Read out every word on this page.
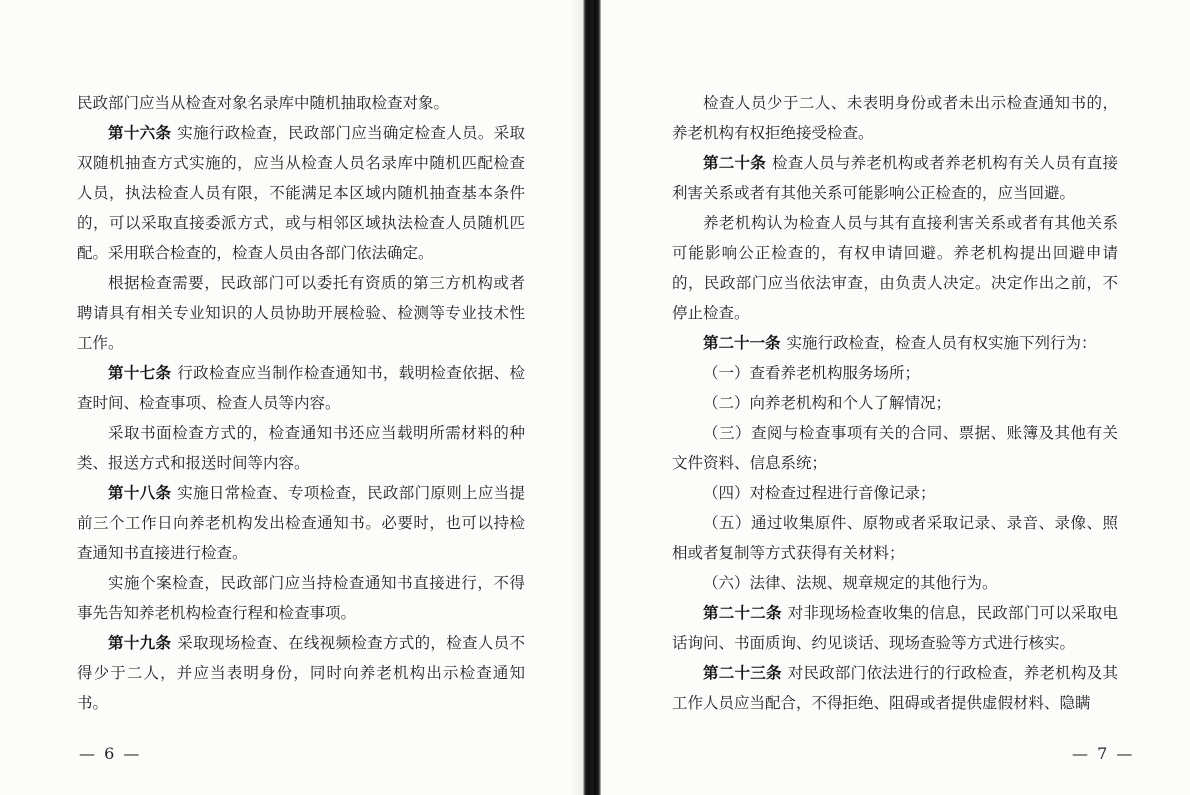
民政部门应当从检查对象名录库中随机抽取检查对象。

第十六条 实施行政检查，民政部门应当确定检查人员。采取双随机抽查方式实施的，应当从检查人员名录库中随机匹配检查人员，执法检查人员有限，不能满足本区域内随机抽查基本条件的，可以采取直接委派方式，或与相邻区域执法检查人员随机匹配。采用联合检查的，检查人员由各部门依法确定。

根据检查需要，民政部门可以委托有资质的第三方机构或者聘请具有相关专业知识的人员协助开展检验、检测等专业技术性工作。

第十七条 行政检查应当制作检查通知书，载明检查依据、检查时间、检查事项、检查人员等内容。

采取书面检查方式的，检查通知书还应当载明所需材料的种类、报送方式和报送时间等内容。

第十八条 实施日常检查、专项检查，民政部门原则上应当提前三个工作日向养老机构发出检查通知书。必要时，也可以持检查通知书直接进行检查。

实施个案检查，民政部门应当持检查通知书直接进行，不得事先告知养老机构检查行程和检查事项。

第十九条 采取现场检查、在线视频检查方式的，检查人员不得少于二人，并应当表明身份，同时向养老机构出示检查通知书。

— 6 —

检查人员少于二人、未表明身份或者未出示检查通知书的，养老机构有权拒绝接受检查。

第二十条 检查人员与养老机构或者养老机构有关人员有直接利害关系或者有其他关系可能影响公正检查的，应当回避。

养老机构认为检查人员与其有直接利害关系或者有其他关系可能影响公正检查的，有权申请回避。养老机构提出回避申请的，民政部门应当依法审查，由负责人决定。决定作出之前，不停止检查。

第二十一条 实施行政检查，检查人员有权实施下列行为：

（一）查看养老机构服务场所；

（二）向养老机构和个人了解情况；

（三）查阅与检查事项有关的合同、票据、账簿及其他有关文件资料、信息系统；

（四）对检查过程进行音像记录；

（五）通过收集原件、原物或者采取记录、录音、录像、照相或者复制等方式获得有关材料；

（六）法律、法规、规章规定的其他行为。

第二十二条 对非现场检查收集的信息，民政部门可以采取电话询问、书面质询、约见谈话、现场查验等方式进行核实。

第二十三条 对民政部门依法进行的行政检查，养老机构及其工作人员应当配合，不得拒绝、阻碍或者提供虚假材料、隐瞒

— 7 —
